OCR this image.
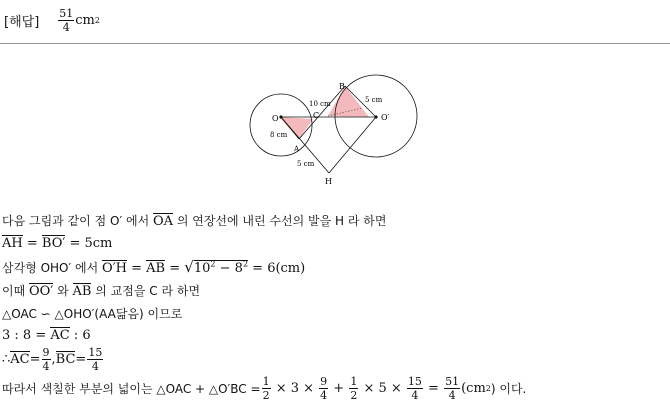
[해답] $\frac{51}{4}$ cm 2
B
O	O′
C
A
H
10 cm
8 cm
5 cm
5 cm
다음 그림과 같이 점 O′ 에서 OA 의 연장선에 내린 수선의 발을 H 라 하면
AH = BO′ = 5cm
삼각형 OHO′ 에서 O′H = AB = $√10^2 - 8^2 = 6(cm)$
이때 OO′ 와 AB 의 교점을 C 라 하면
△OAC ∽ △OHO′(AA닮음) 이므로
3 : 8 = AC : 6
∴ AC = $\frac{9}{4}$ , BC = $\frac{15}{4}$
따라서 색칠한 부분의 넓이는 △OAC + △O′BC = $\frac{1}{2} \times 3 \times \frac{9}{4} + \frac{1}{2} \times 5 \times \frac{15}{4} = \frac{51}{4} (cm$ 2 ) 이다.
